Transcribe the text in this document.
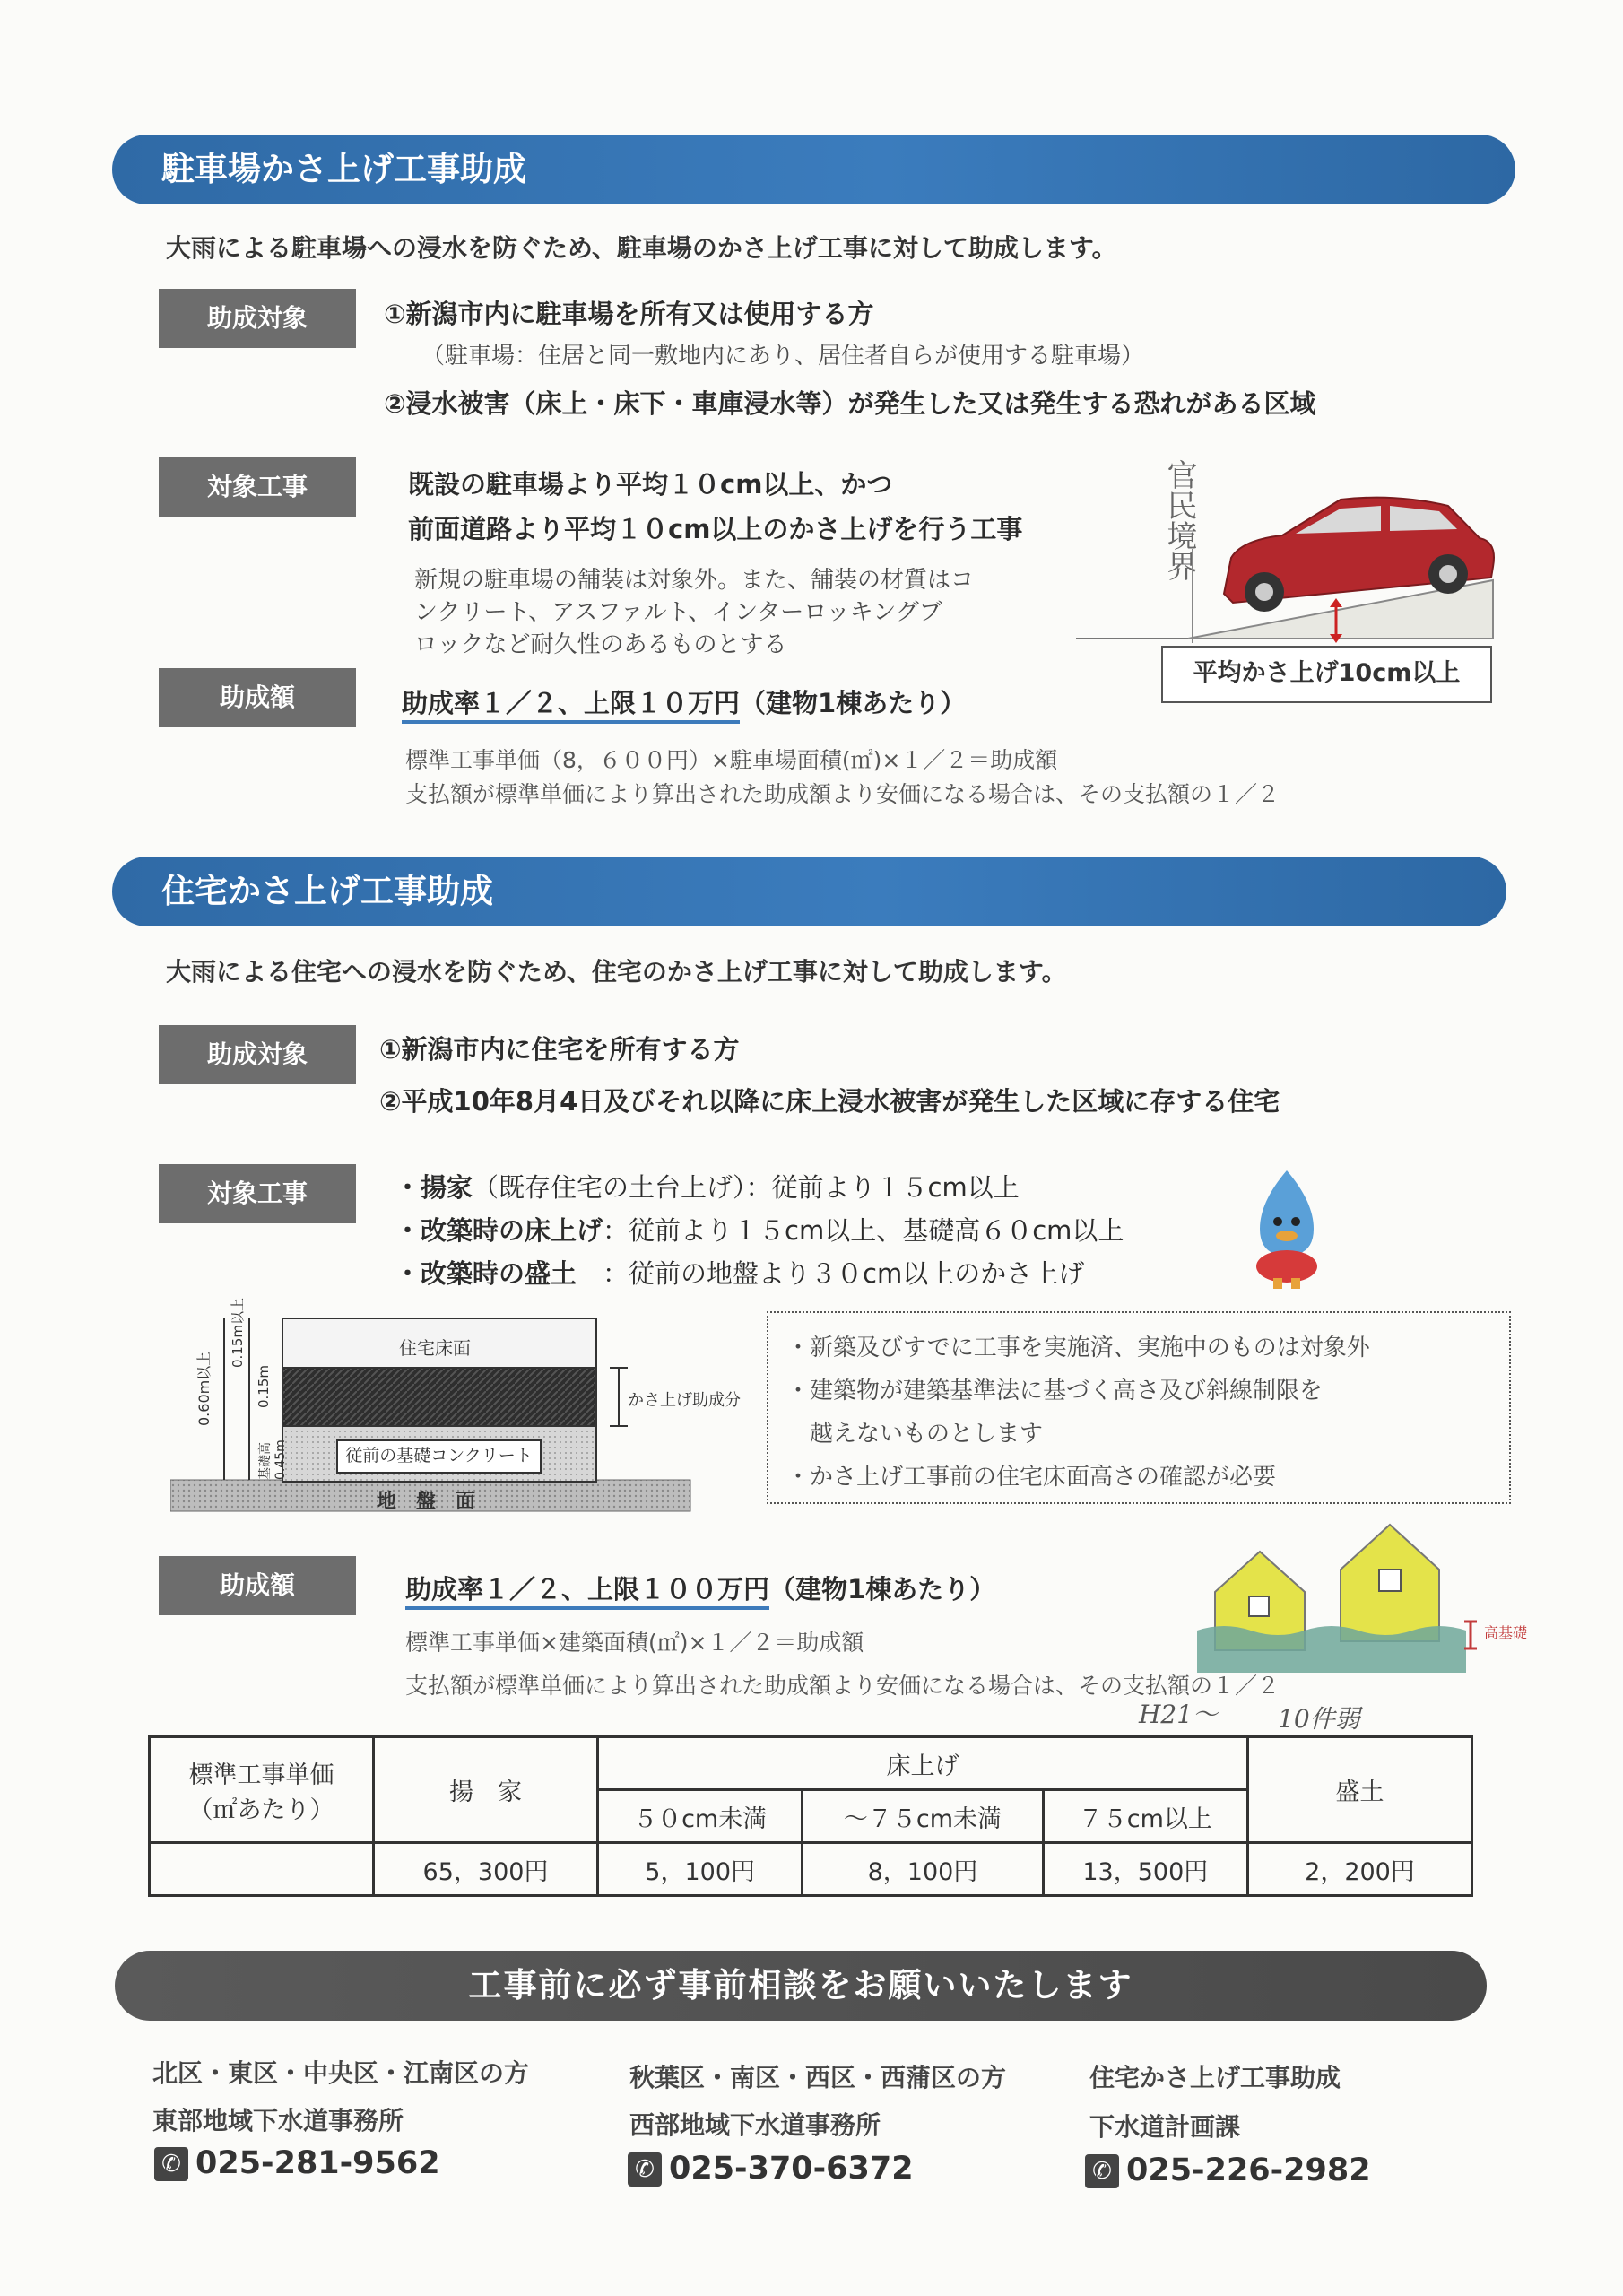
駐車場かさ上げ工事助成
大雨による駐車場への浸水を防ぐため、駐車場のかさ上げ工事に対して助成します。
助成対象	①新潟市内に駐車場を所有又は使用する方
（駐車場：住居と同一敷地内にあり、居住者自らが使用する駐車場）
②浸水被害（床上・床下・車庫浸水等）が発生した又は発生する恐れがある区域
対象工事	既設の駐車場より平均１０cm以上、かつ
前面道路より平均１０cm以上のかさ上げを行う工事
新規の駐車場の舗装は対象外。また、舗装の材質はコ
ンクリート、アスファルト、インターロッキングブ
ロックなど耐久性のあるものとする
官民境界
平均かさ上げ10cm以上
助成額	助成率１／２、上限１０万円（建物1棟あたり）
標準工事単価（8，６００円）×駐車場面積(㎡)×１／２＝助成額
支払額が標準単価により算出された助成額より安価になる場合は、その支払額の１／２
住宅かさ上げ工事助成
大雨による住宅への浸水を防ぐため、住宅のかさ上げ工事に対して助成します。
助成対象	①新潟市内に住宅を所有する方
②平成10年8月4日及びそれ以降に床上浸水被害が発生した区域に存する住宅
対象工事	・揚家（既存住宅の土台上げ）：従前より１５cm以上
・改築時の床上げ：従前より１５cm以上、基礎高６０cm以上
・改築時の盛土　：従前の地盤より３０cm以上のかさ上げ
住宅床面
かさ上げ助成分
従前の基礎コンクリート
地　盤　面
0.60m以上
0.15m以上
0.15m
基礎高
0.45m
・新築及びすでに工事を実施済、実施中のものは対象外
・建築物が建築基準法に基づく高さ及び斜線制限を
　越えないものとします
・かさ上げ工事前の住宅床面高さの確認が必要
助成額	助成率１／２、上限１００万円（建物1棟あたり）
標準工事単価×建築面積(㎡)×１／２＝助成額
支払額が標準単価により算出された助成額より安価になる場合は、その支払額の１／２
H21～ 10件弱
高基礎
標準工事単価
（㎡あたり）	揚　家	床上げ			盛土
		５０cm未満	～７５cm未満	７５cm以上	
	65，300円	5，100円	8，100円	13，500円	2，200円
工事前に必ず事前相談をお願いいたします
北区・東区・中央区・江南区の方
東部地域下水道事務所
✆ 025-281-9562
秋葉区・南区・西区・西蒲区の方
西部地域下水道事務所
✆ 025-370-6372
住宅かさ上げ工事助成
下水道計画課
✆ 025-226-2982
